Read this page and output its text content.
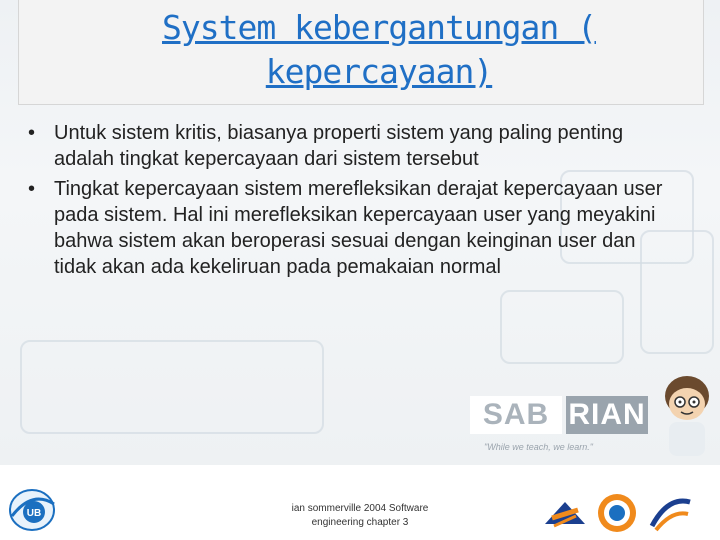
System kebergantungan ( kepercayaan)
• Untuk sistem kritis, biasanya properti sistem yang paling penting adalah tingkat kepercayaan dari sistem tersebut
• Tingkat kepercayaan sistem merefleksikan derajat kepercayaan user pada sistem. Hal ini merefleksikan kepercayaan user yang meyakini bahwa sistem akan beroperasi sesuai dengan keinginan user dan tidak akan ada kekeliruan pada pemakaian normal
SAB RIAN
"While we teach, we learn."
UB	ian sommerville 2004 Software
engineering chapter 3
